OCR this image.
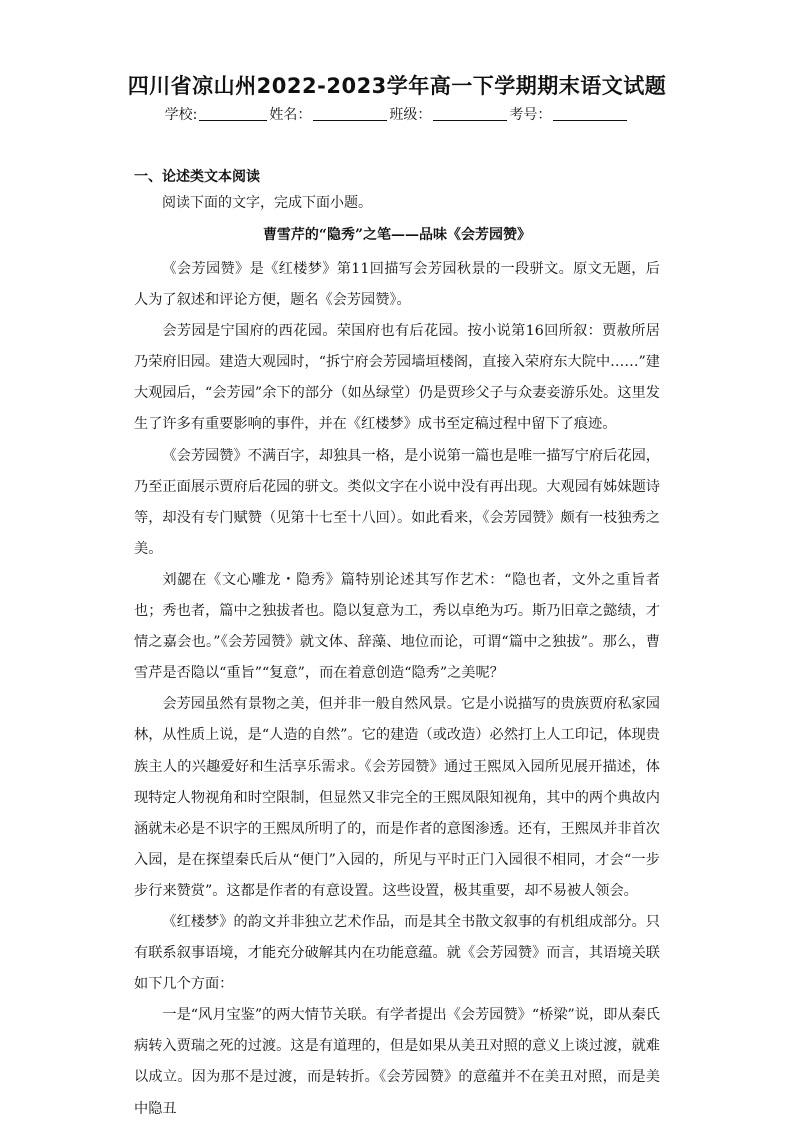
四川省凉山州2022-2023学年高一下学期期末语文试题
学校:	姓名：	班级：	考号：
一、论述类文本阅读
阅读下面的文字，完成下面小题。
曹雪芹的“隐秀”之笔——品味《会芳园赞》

《会芳园赞》是《红楼梦》第11回描写会芳园秋景的一段骈文。原文无题，后人为了叙述和评论方便，题名《会芳园赞》。

会芳园是宁国府的西花园。荣国府也有后花园。按小说第16回所叙：贾赦所居乃荣府旧园。建造大观园时，“拆宁府会芳园墙垣楼阁，直接入荣府东大院中……”建大观园后，“会芳园”余下的部分（如丛绿堂）仍是贾珍父子与众妻妾游乐处。这里发生了许多有重要影响的事件，并在《红楼梦》成书至定稿过程中留下了痕迹。

《会芳园赞》不满百字，却独具一格，是小说第一篇也是唯一描写宁府后花园，乃至正面展示贾府后花园的骈文。类似文字在小说中没有再出现。大观园有姊妹题诗等，却没有专门赋赞（见第十七至十八回）。如此看来，《会芳园赞》颇有一枝独秀之美。

刘勰在《文心雕龙・隐秀》篇特别论述其写作艺术：“隐也者，文外之重旨者也；秀也者，篇中之独拔者也。隐以复意为工，秀以卓绝为巧。斯乃旧章之懿绩，才情之嘉会也。”《会芳园赞》就文体、辞藻、地位而论，可谓“篇中之独拔”。那么，曹雪芹是否隐以“重旨”“复意”，而在着意创造“隐秀”之美呢？

会芳园虽然有景物之美，但并非一般自然风景。它是小说描写的贵族贾府私家园林，从性质上说，是“人造的自然”。它的建造（或改造）必然打上人工印记，体现贵族主人的兴趣爱好和生活享乐需求。《会芳园赞》通过王熙凤入园所见展开描述，体现特定人物视角和时空限制，但显然又非完全的王熙凤限知视角，其中的两个典故内涵就未必是不识字的王熙凤所明了的，而是作者的意图渗透。还有，王熙凤并非首次入园，是在探望秦氏后从“便门”入园的，所见与平时正门入园很不相同，才会“一步步行来赞赏”。这都是作者的有意设置。这些设置，极其重要，却不易被人领会。

《红楼梦》的韵文并非独立艺术作品，而是其全书散文叙事的有机组成部分。只有联系叙事语境，才能充分破解其内在功能意蕴。就《会芳园赞》而言，其语境关联如下几个方面：

一是“风月宝鉴”的两大情节关联。有学者提出《会芳园赞》“桥梁”说，即从秦氏病转入贾瑞之死的过渡。这是有道理的，但是如果从美丑对照的意义上谈过渡，就难以成立。因为那不是过渡，而是转折。《会芳园赞》的意蕴并不在美丑对照，而是美中隐丑
